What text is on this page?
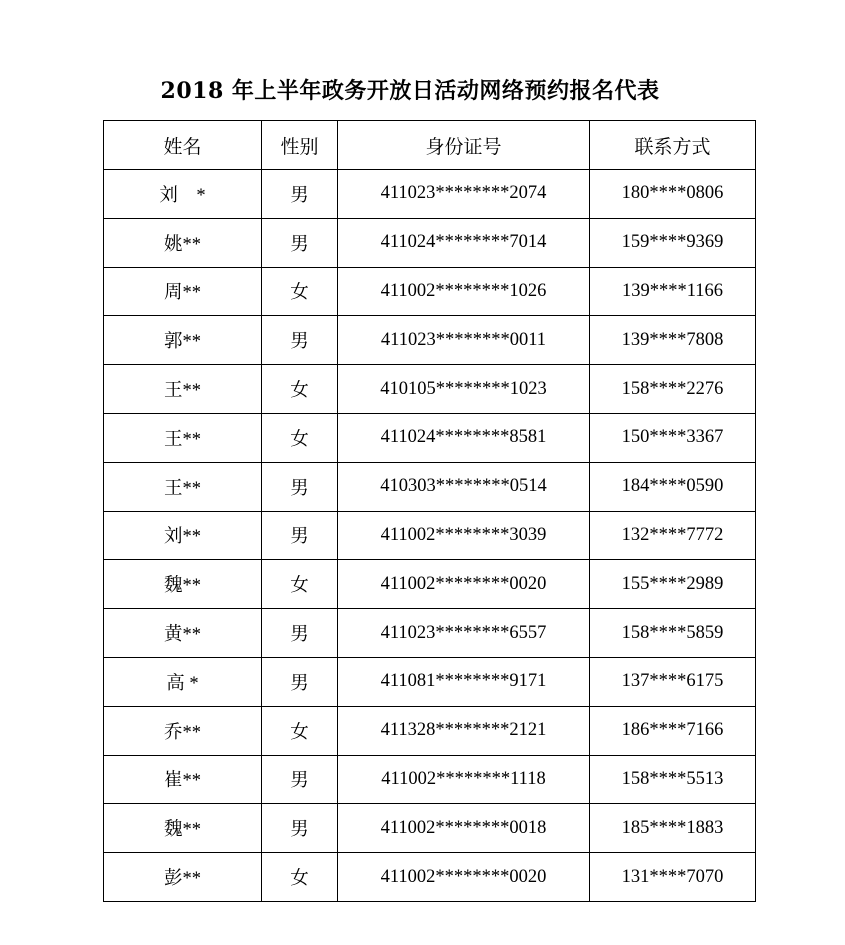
2018 年上半年政务开放日活动网络预约报名代表
姓名	性别	身份证号	联系方式
刘　*	男	411023********2074	180****0806
姚**	男	411024********7014	159****9369
周**	女	411002********1026	139****1166
郭**	男	411023********0011	139****7808
王**	女	410105********1023	158****2276
王**	女	411024********8581	150****3367
王**	男	410303********0514	184****0590
刘**	男	411002********3039	132****7772
魏**	女	411002********0020	155****2989
黄**	男	411023********6557	158****5859
高 *	男	411081********9171	137****6175
乔**	女	411328********2121	186****7166
崔**	男	411002********1118	158****5513
魏**	男	411002********0018	185****1883
彭**	女	411002********0020	131****7070
